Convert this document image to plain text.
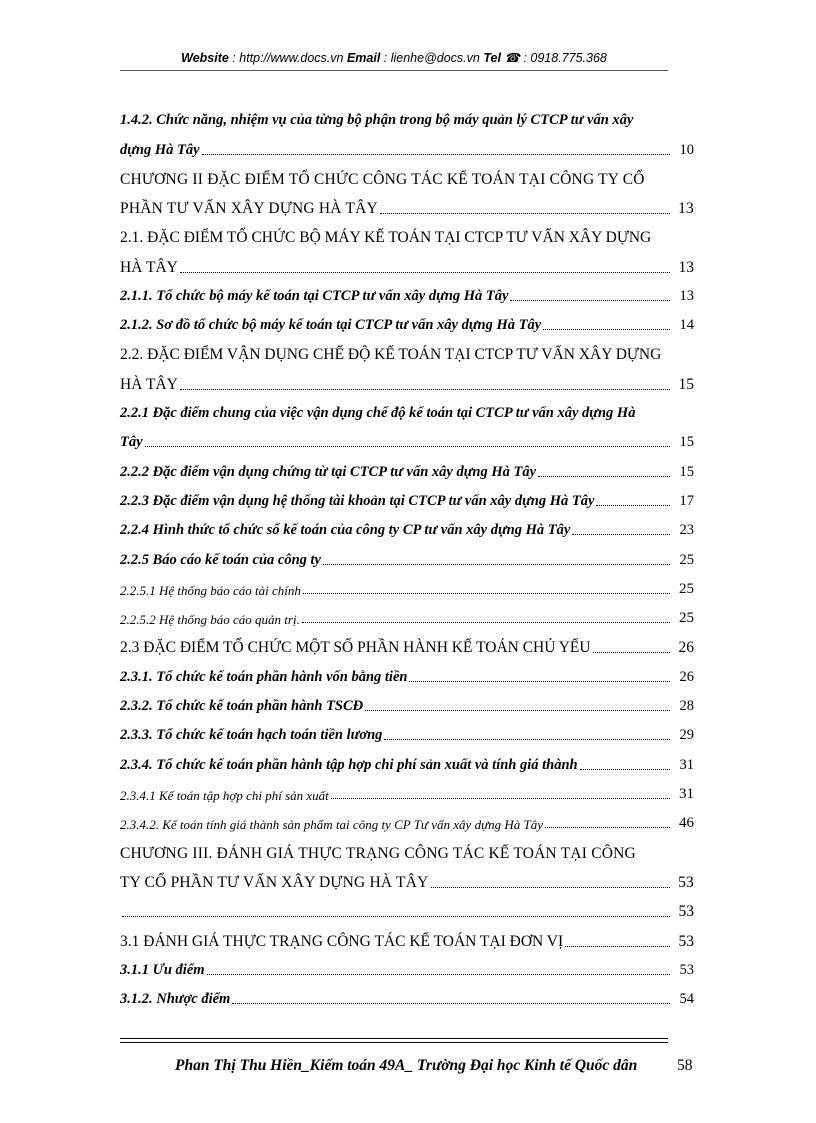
Website : http://www.docs.vn Email : lienhe@docs.vn Tel ☎ : 0918.775.368
1.4.2. Chức năng, nhiệm vụ của từng bộ phận trong bộ máy quản lý CTCP tư vấn xây
dựng Hà Tây	10
CHƯƠNG II ĐẶC ĐIỂM TỔ CHỨC CÔNG TÁC KẾ TOÁN TẠI CÔNG TY CỔ
PHẦN TƯ VẤN XÂY DỰNG HÀ TÂY	13
2.1. ĐẶC ĐIỂM TỔ CHỨC BỘ MÁY KẾ TOÁN TẠI CTCP TƯ VẤN XÂY DỰNG
HÀ TÂY	13
2.1.1. Tổ chức bộ máy kế toán tại CTCP tư vấn xây dựng Hà Tây	13
2.1.2. Sơ đồ tổ chức bộ máy kế toán tại CTCP tư vấn xây dựng Hà Tây	14
2.2. ĐẶC ĐIỂM VẬN DỤNG CHẾ ĐỘ KẾ TOÁN TẠI CTCP TƯ VẤN XÂY DỰNG
HÀ TÂY	15
2.2.1 Đặc điểm chung của việc vận dụng chế độ kế toán tại CTCP tư vấn xây dựng Hà
Tây	15
2.2.2 Đặc điểm vận dụng chứng từ tại CTCP tư vấn xây dựng Hà Tây	15
2.2.3 Đặc điểm vận dụng hệ thống tài khoản tại CTCP tư vấn xây dựng Hà Tây	17
2.2.4 Hình thức tổ chức sổ kế toán của công ty CP tư vấn xây dựng Hà Tây	23
2.2.5 Báo cáo kế toán của công ty	25
2.2.5.1 Hệ thống báo cáo tài chính	25
2.2.5.2 Hệ thống báo cáo quản trị.	25
2.3 ĐẶC ĐIỂM TỔ CHỨC MỘT SỐ PHẦN HÀNH KẾ TOÁN CHỦ YẾU	26
2.3.1. Tổ chức kế toán phần hành vốn bằng tiền	26
2.3.2. Tổ chức kế toán phần hành TSCĐ	28
2.3.3. Tổ chức kế toán hạch toán tiền lương	29
2.3.4. Tổ chức kế toán phần hành tập hợp chi phí sản xuất và tính giá thành	31
2.3.4.1 Kế toán tập hợp chi phí sản xuất	31
2.3.4.2. Kế toán tính giá thành sản phẩm tai công ty CP Tư vấn xây dựng Hà Tây	46
CHƯƠNG III. ĐÁNH GIÁ THỰC TRẠNG CÔNG TÁC KẾ TOÁN TẠI CÔNG
TY CỔ PHẦN TƯ VẤN XÂY DỰNG HÀ TÂY	53
53
3.1 ĐÁNH GIÁ THỰC TRẠNG CÔNG TÁC KẾ TOÁN TẠI ĐƠN VỊ	53
3.1.1 Ưu điểm	53
3.1.2. Nhược điểm	54
Phan Thị Thu Hiền_Kiểm toán 49A_ Trường Đại học Kinh tế Quốc dân	58
